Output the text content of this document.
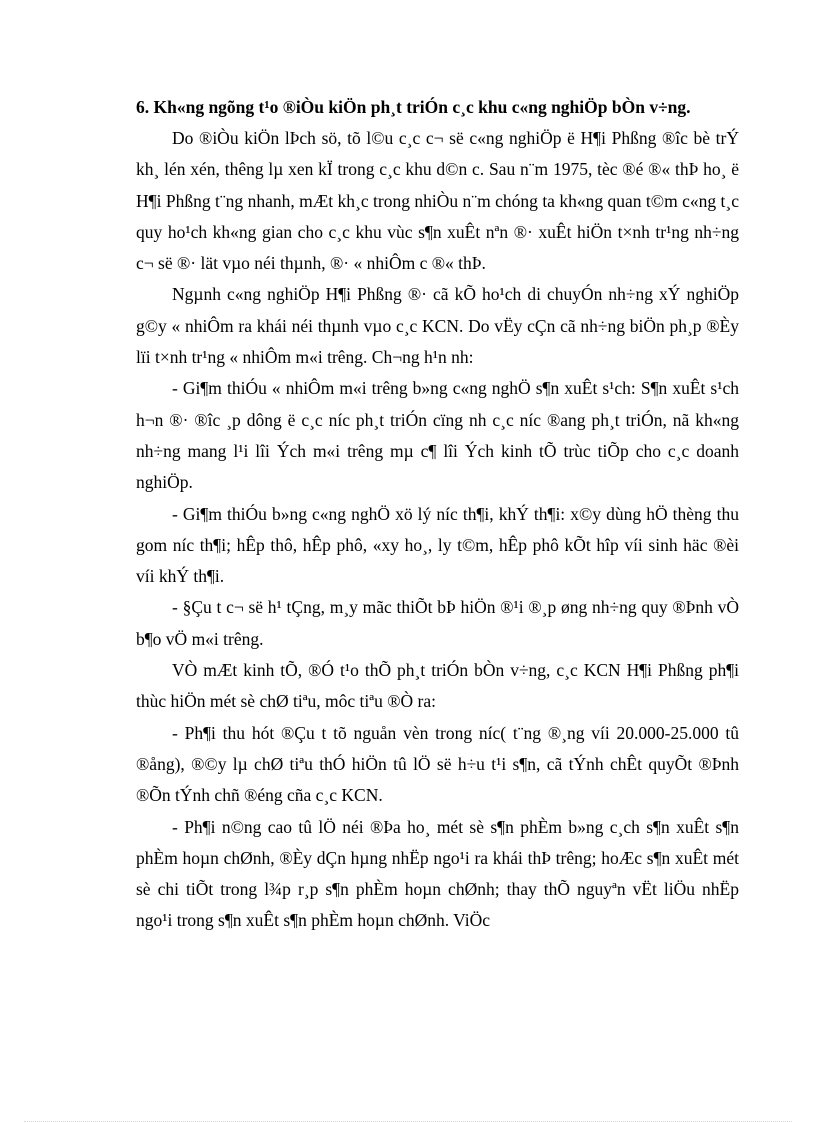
6. Kh«ng ngõng t¹o ®iÒu kiÖn ph¸t triÓn c¸c khu c«ng nghiÖp bÒn v÷ng.

Do ®iÒu kiÖn lÞch sö, tõ l©u c¸c c¬ së c«ng nghiÖp ë H¶i Phßng ®îc bè trÝ kh¸ lén xén, thêng lµ xen kÏ trong c¸c khu d©n c. Sau n¨m 1975, tèc ®é ®« thÞ ho¸ ë H¶i Phßng t¨ng nhanh, mÆt kh¸c trong nhiÒu n¨m chóng ta kh«ng quan t©m c«ng t¸c quy ho¹ch kh«ng gian cho c¸c khu vùc s¶n xuÊt nªn ®· xuÊt hiÖn t×nh tr¹ng nh÷ng c¬ së ®· lät vµo néi thµnh, ®· « nhiÔm c ®« thÞ.

Ngµnh c«ng nghiÖp H¶i Phßng ®· cã kÕ ho¹ch di chuyÓn nh÷ng xÝ nghiÖp g©y « nhiÔm ra khái néi thµnh vµo c¸c KCN. Do vËy cÇn cã nh÷ng biÖn ph¸p ®Èy lïi t×nh tr¹ng « nhiÔm m«i trêng. Ch¬ng h¹n nh:

- Gi¶m thiÓu « nhiÔm m«i trêng b»ng c«ng nghÖ s¶n xuÊt s¹ch: S¶n xuÊt s¹ch h¬n ®· ®îc ¸p dông ë c¸c níc ph¸t triÓn cïng nh c¸c níc ®ang ph¸t triÓn, nã kh«ng nh÷ng mang l¹i lîi Ých m«i trêng mµ c¶ lîi Ých kinh tÕ trùc tiÕp cho c¸c doanh nghiÖp.

- Gi¶m thiÓu b»ng c«ng nghÖ xö lý níc th¶i, khÝ th¶i: x©y dùng hÖ thèng thu gom níc th¶i; hÊp thô, hÊp phô, «xy ho¸, ly t©m, hÊp phô kÕt hîp víi sinh häc ®èi víi khÝ th¶i.

- §Çu t c¬ së h¹ tÇng, m¸y mãc thiÕt bÞ hiÖn ®¹i ®¸p øng nh÷ng quy ®Þnh vÒ b¶o vÖ m«i trêng.

VÒ mÆt kinh tÕ, ®Ó t¹o thÕ ph¸t triÓn bÒn v÷ng, c¸c KCN H¶i Phßng ph¶i thùc hiÖn mét sè chØ tiªu, môc tiªu ®Ò ra:

- Ph¶i thu hót ®Çu t tõ nguån vèn trong níc( t¨ng ®¸ng víi 20.000-25.000 tû ®ång), ®©y lµ chØ tiªu thÓ hiÖn tû lÖ së h÷u t¹i s¶n, cã tÝnh chÊt quyÕt ®Þnh ®Õn tÝnh chñ ®éng cña c¸c KCN.

- Ph¶i n©ng cao tû lÖ néi ®Þa ho¸ mét sè s¶n phÈm b»ng c¸ch s¶n xuÊt s¶n phÈm hoµn chØnh, ®Èy dÇn hµng nhËp ngo¹i ra khái thÞ trêng; hoÆc s¶n xuÊt mét sè chi tiÕt trong l¾p r¸p s¶n phÈm hoµn chØnh; thay thÕ nguyªn vËt liÖu nhËp ngo¹i trong s¶n xuÊt s¶n phÈm hoµn chØnh. ViÖc
